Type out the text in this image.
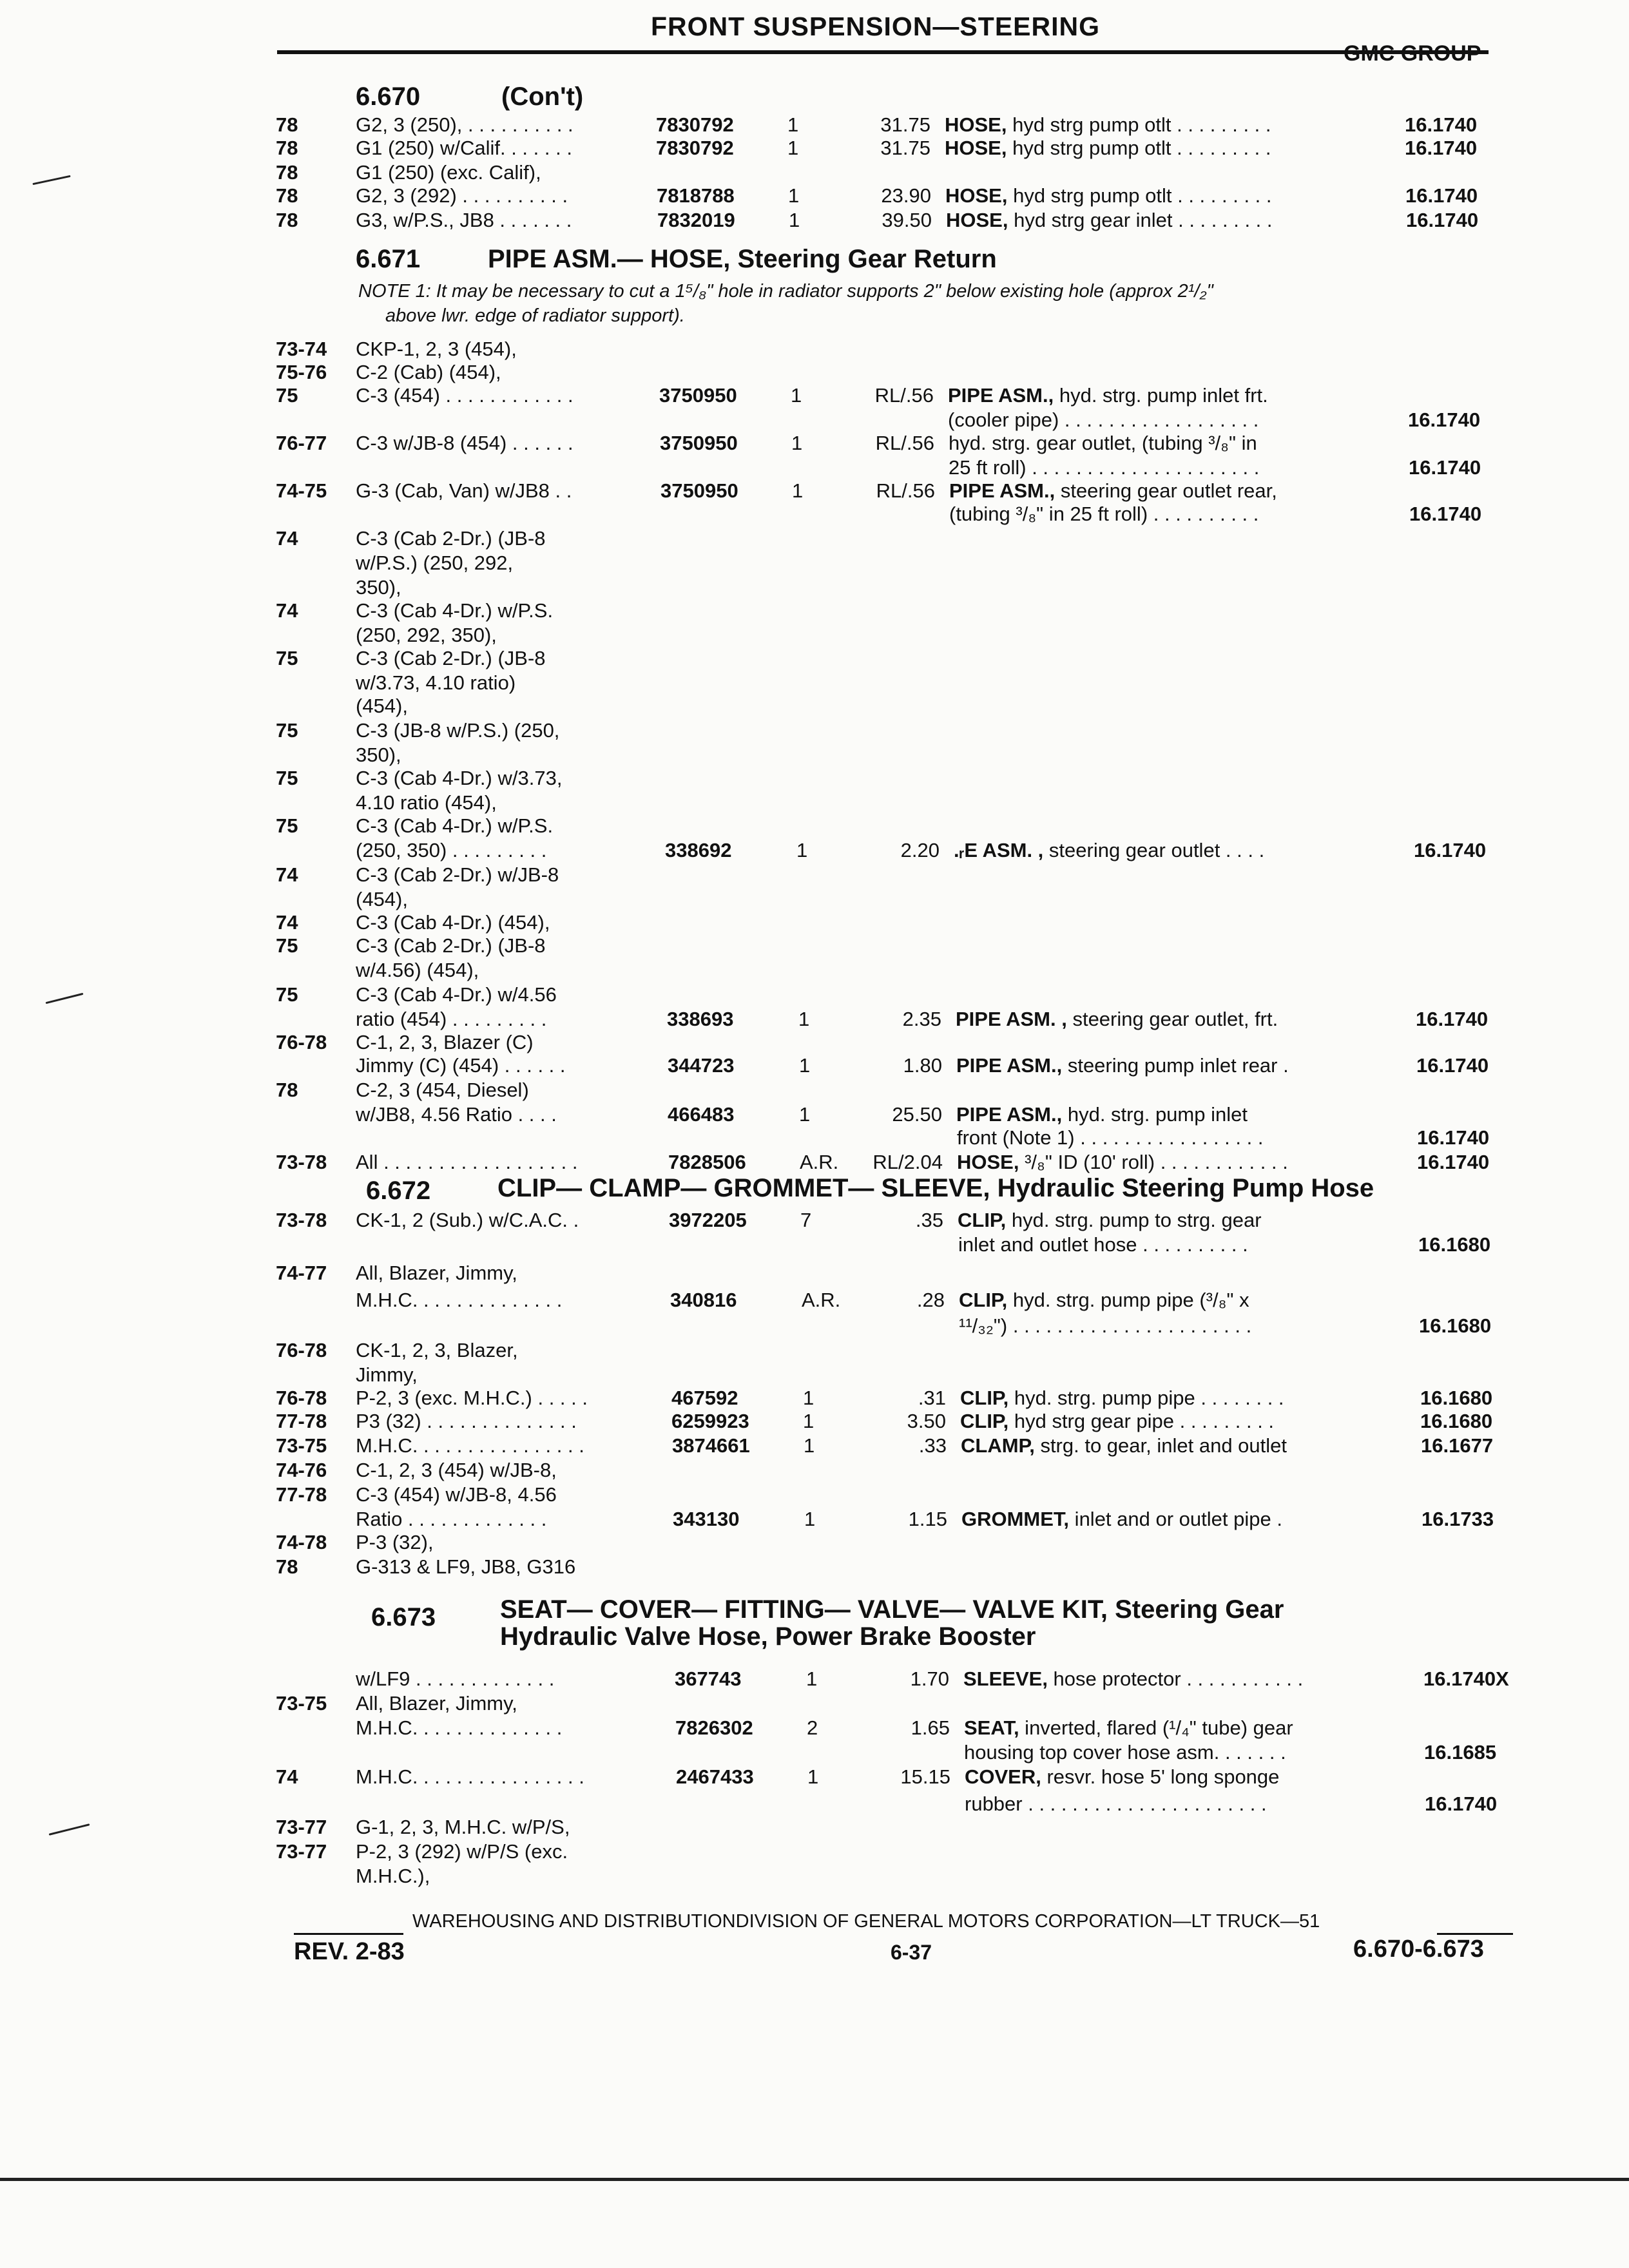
FRONT SUSPENSION—STEERING
GMC GROUP
6.670	(Con't)
6.671	PIPE ASM.— HOSE, Steering Gear Return
NOTE 1: It may be necessary to cut a 1⁵/₈" hole in radiator supports 2" below existing hole (approx 2¹/₂"
above lwr. edge of radiator support).
6.672	CLIP— CLAMP— GROMMET— SLEEVE, Hydraulic Steering Pump Hose
6.673 SEAT— COVER— FITTING— VALVE— VALVE KIT, Steering Gear
Hydraulic Valve Hose, Power Brake Booster
78	G2, 3 (250), . . . . . . . . . .	7830792	1	31.75 HOSE, hyd strg pump otlt . . . . . . . . .	16.1740
78	G1 (250) w/Calif. . . . . . .	7830792	1	31.75 HOSE, hyd strg pump otlt . . . . . . . . .	16.1740
78	G1 (250) (exc. Calif),
78	G2, 3 (292) . . . . . . . . . .	7818788	1	23.90 HOSE, hyd strg pump otlt . . . . . . . . .	16.1740
78	G3, w/P.S., JB8 . . . . . . .	7832019	1	39.50 HOSE, hyd strg gear inlet . . . . . . . . .	16.1740
73-74 CKP-1, 2, 3 (454),
75-76 C-2 (Cab) (454),
75	C-3 (454) . . . . . . . . . . . .	3750950	1	RL/.56 PIPE ASM., hyd. strg. pump inlet frt.
(cooler pipe) . . . . . . . . . . . . . . . . . .	16.1740
76-77 C-3 w/JB-8 (454) . . . . . .	3750950	1	RL/.56 hyd. strg. gear outlet, (tubing ³/₈" in
25 ft roll) . . . . . . . . . . . . . . . . . . . . .	16.1740
74-75 G-3 (Cab, Van) w/JB8 . .	3750950	1	RL/.56 PIPE ASM., steering gear outlet rear,
(tubing ³/₈" in 25 ft roll) . . . . . . . . . .	16.1740
74	C-3 (Cab 2-Dr.) (JB-8
w/P.S.) (250, 292,
350),
74	C-3 (Cab 4-Dr.) w/P.S.
(250, 292, 350),
75	C-3 (Cab 2-Dr.) (JB-8
w/3.73, 4.10 ratio)
(454),
75	C-3 (JB-8 w/P.S.) (250,
350),
75	C-3 (Cab 4-Dr.) w/3.73,
4.10 ratio (454),
75	C-3 (Cab 4-Dr.) w/P.S.
(250, 350) . . . . . . . . .	338692	1	2.20 .ᵣE ASM. , steering gear outlet . . . .	16.1740
74	C-3 (Cab 2-Dr.) w/JB-8
(454),
74	C-3 (Cab 4-Dr.) (454),
75	C-3 (Cab 2-Dr.) (JB-8
w/4.56) (454),
75	C-3 (Cab 4-Dr.) w/4.56
ratio (454) . . . . . . . . .	338693	1	2.35 PIPE ASM. , steering gear outlet, frt.	16.1740
76-78 C-1, 2, 3, Blazer (C)
Jimmy (C) (454) . . . . . .	344723	1	1.80 PIPE ASM., steering pump inlet rear .	16.1740
78	C-2, 3 (454, Diesel)
w/JB8, 4.56 Ratio . . . .	466483	1	25.50 PIPE ASM., hyd. strg. pump inlet
front (Note 1) . . . . . . . . . . . . . . . . .	16.1740
73-78 All . . . . . . . . . . . . . . . . . .	7828506	A.R. RL/2.04 HOSE, ³/₈" ID (10' roll) . . . . . . . . . . . .	16.1740
73-78 CK-1, 2 (Sub.) w/C.A.C. .	3972205	7	.35 CLIP, hyd. strg. pump to strg. gear
inlet and outlet hose . . . . . . . . . .	16.1680
74-77 All, Blazer, Jimmy,
M.H.C. . . . . . . . . . . . . .	340816	A.R.	.28 CLIP, hyd. strg. pump pipe (³/₈" x
¹¹/₃₂") . . . . . . . . . . . . . . . . . . . . . .	16.1680
76-78 CK-1, 2, 3, Blazer,
Jimmy,
76-78 P-2, 3 (exc. M.H.C.) . . . . .	467592	1	.31 CLIP, hyd. strg. pump pipe . . . . . . . .	16.1680
77-78 P3 (32) . . . . . . . . . . . . . .	6259923	1	3.50 CLIP, hyd strg gear pipe . . . . . . . . .	16.1680
73-75 M.H.C. . . . . . . . . . . . . . . .	3874661	1	.33 CLAMP, strg. to gear, inlet and outlet	16.1677
74-76 C-1, 2, 3 (454) w/JB-8,
77-78 C-3 (454) w/JB-8, 4.56
Ratio . . . . . . . . . . . . .	343130	1	1.15 GROMMET, inlet and or outlet pipe .	16.1733
74-78 P-3 (32),
78	G-313 & LF9, JB8, G316
w/LF9 . . . . . . . . . . . . .	367743	1	1.70 SLEEVE, hose protector . . . . . . . . . . .	16.1740X
73-75 All, Blazer, Jimmy,
M.H.C. . . . . . . . . . . . . .	7826302	2	1.65 SEAT, inverted, flared (¹/₄" tube) gear
housing top cover hose asm. . . . . . .	16.1685
74	M.H.C. . . . . . . . . . . . . . . .	2467433	1	15.15 COVER, resvr. hose 5' long sponge
rubber . . . . . . . . . . . . . . . . . . . . . .	16.1740
73-77 G-1, 2, 3, M.H.C. w/P/S,
73-77 P-2, 3 (292) w/P/S (exc.
M.H.C.),
WAREHOUSING AND DISTRIBUTIONDIVISION OF GENERAL MOTORS CORPORATION—LT TRUCK—51
REV. 2-83	6-37	6.670-6.673
